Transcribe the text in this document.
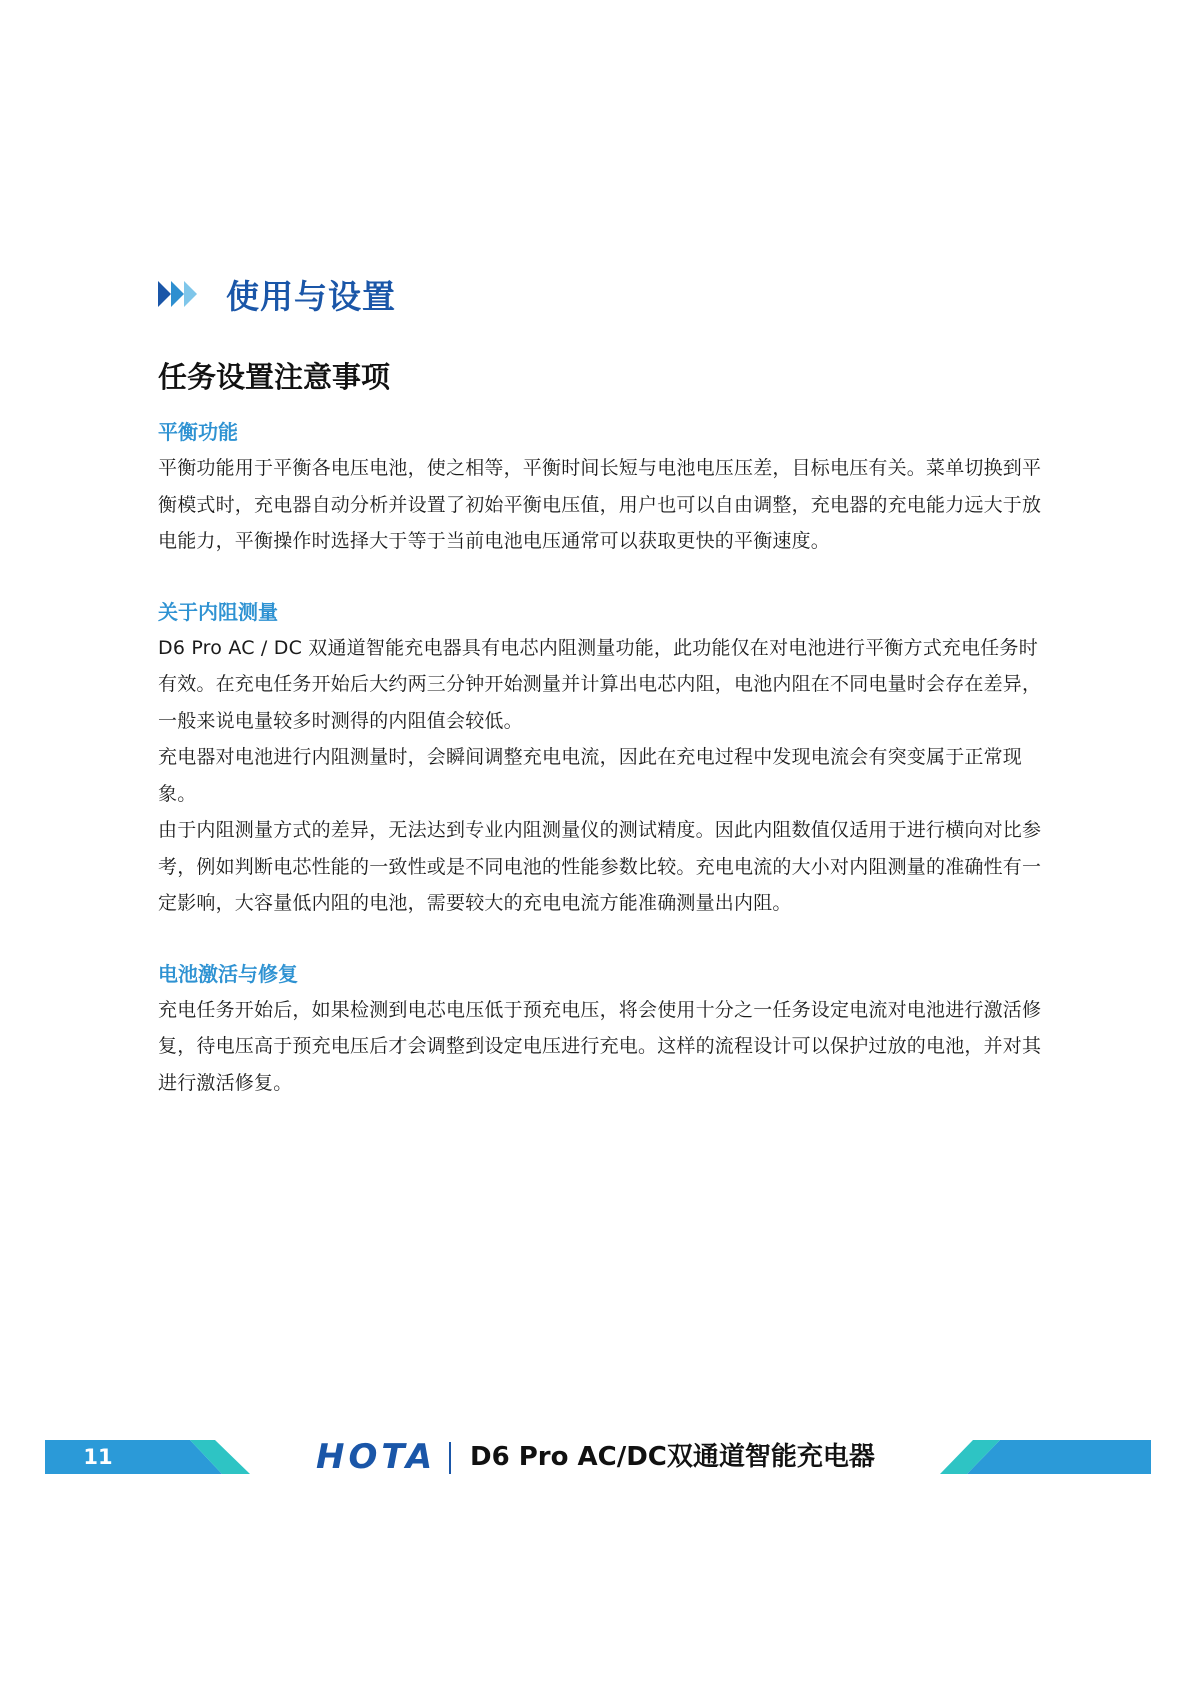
使用与设置
任务设置注意事项
平衡功能

平衡功能用于平衡各电压电池，使之相等，平衡时间长短与电池电压压差，目标电压有关。菜单切换到平衡模式时，充电器自动分析并设置了初始平衡电压值，用户也可以自由调整，充电器的充电能力远大于放电能力，平衡操作时选择大于等于当前电池电压通常可以获取更快的平衡速度。

关于内阻测量

D6 Pro AC / DC 双通道智能充电器具有电芯内阻测量功能，此功能仅在对电池进行平衡方式充电任务时有效。在充电任务开始后大约两三分钟开始测量并计算出电芯内阻，电池内阻在不同电量时会存在差异，一般来说电量较多时测得的内阻值会较低。

充电器对电池进行内阻测量时，会瞬间调整充电电流，因此在充电过程中发现电流会有突变属于正常现象。

由于内阻测量方式的差异，无法达到专业内阻测量仪的测试精度。因此内阻数值仅适用于进行横向对比参考，例如判断电芯性能的一致性或是不同电池的性能参数比较。充电电流的大小对内阻测量的准确性有一定影响，大容量低内阻的电池，需要较大的充电电流方能准确测量出内阻。

电池激活与修复

充电任务开始后，如果检测到电芯电压低于预充电压，将会使用十分之一任务设定电流对电池进行激活修复，待电压高于预充电压后才会调整到设定电压进行充电。这样的流程设计可以保护过放的电池，并对其进行激活修复。

11	HOTA D6 Pro AC/DC双通道智能充电器
